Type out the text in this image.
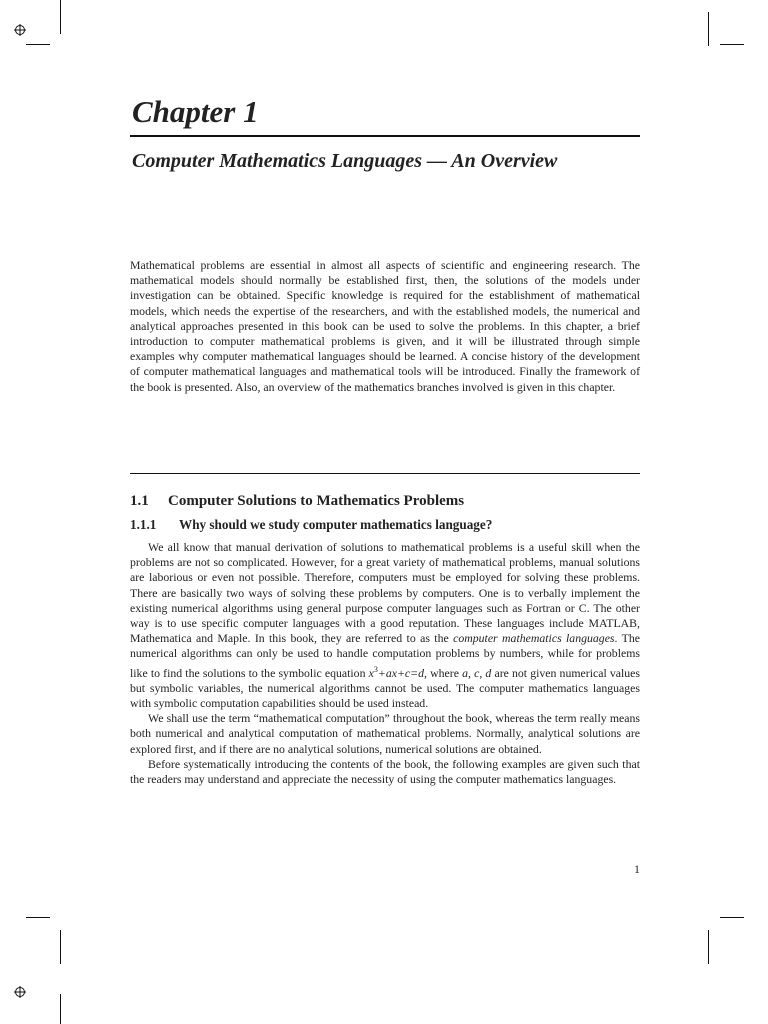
Chapter 1
Computer Mathematics Languages — An Overview

Mathematical problems are essential in almost all aspects of scientific and engineering research. The mathematical models should normally be established first, then, the solutions of the models under investigation can be obtained. Specific knowledge is required for the establishment of mathematical models, which needs the expertise of the researchers, and with the established models, the numerical and analytical approaches presented in this book can be used to solve the problems. In this chapter, a brief introduction to computer mathematical problems is given, and it will be illustrated through simple examples why computer mathematical languages should be learned. A concise history of the development of computer mathematical languages and mathematical tools will be introduced. Finally the framework of the book is presented. Also, an overview of the mathematics branches involved is given in this chapter.

1.1 Computer Solutions to Mathematics Problems
1.1.1 Why should we study computer mathematics language?

We all know that manual derivation of solutions to mathematical problems is a useful skill when the problems are not so complicated. However, for a great variety of mathematical problems, manual solutions are laborious or even not possible. Therefore, computers must be employed for solving these problems. There are basically two ways of solving these problems by computers. One is to verbally implement the existing numerical algorithms using general purpose computer languages such as Fortran or C. The other way is to use specific computer languages with a good reputation. These languages include MATLAB, Mathematica and Maple. In this book, they are referred to as the computer mathematics languages. The numerical algorithms can only be used to handle computation problems by numbers, while for problems like to find the solutions to the symbolic equation $x^3+ax+c=d$, where a, c, d are not given numerical values but symbolic variables, the numerical algorithms cannot be used. The computer mathematics languages with symbolic computation capabilities should be used instead.

We shall use the term “mathematical computation” throughout the book, whereas the term really means both numerical and analytical computation of mathematical problems. Normally, analytical solutions are explored first, and if there are no analytical solutions, numerical solutions are obtained.

Before systematically introducing the contents of the book, the following examples are given such that the readers may understand and appreciate the necessity of using the computer mathematics languages.

1
